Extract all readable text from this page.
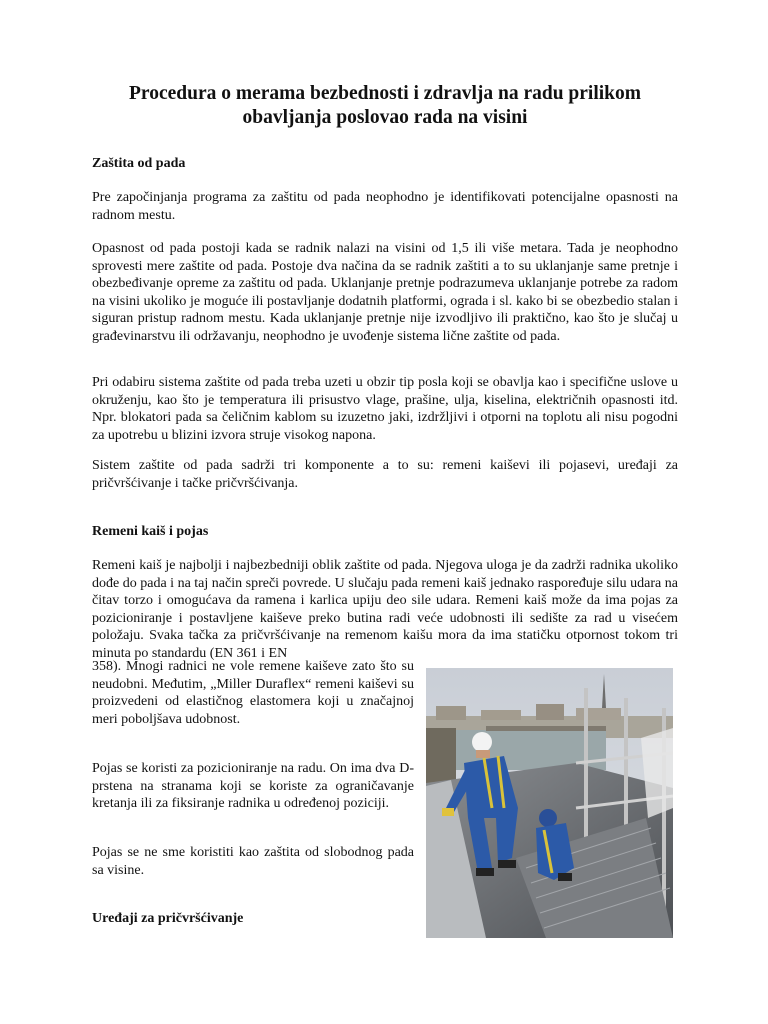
Procedura o merama bezbednosti i zdravlja na radu prilikom obavljanja poslovao rada na visini
Zaštita od pada
Pre započinjanja programa za zaštitu od pada neophodno je identifikovati potencijalne opasnosti na radnom mestu.
Opasnost od pada postoji kada se radnik nalazi na visini od 1,5 ili više metara. Tada je neophodno sprovesti mere zaštite od pada. Postoje dva načina da se radnik zaštiti a to su uklanjanje same pretnje i obezbeđivanje opreme za zaštitu od pada. Uklanjanje pretnje podrazumeva uklanjanje potrebe za radom na visini ukoliko je moguće ili postavljanje dodatnih platformi, ograda i sl. kako bi se obezbedio stalan i siguran pristup radnom mestu. Kada uklanjanje pretnje nije izvodljivo ili praktično, kao što je slučaj u građevinarstvu ili održavanju, neophodno je uvođenje sistema lične zaštite od pada.
Pri odabiru sistema zaštite od pada treba uzeti u obzir tip posla koji se obavlja kao i specifične uslove u okruženju, kao što je temperatura ili prisustvo vlage, prašine, ulja, kiselina, električnih opasnosti itd. Npr. blokatori pada sa čeličnim kablom su izuzetno jaki, izdržljivi i otporni na toplotu ali nisu pogodni za upotrebu u blizini izvora struje visokog napona.
Sistem zaštite od pada sadrži tri komponente a to su: remeni kaiševi ili pojasevi, uređaji za pričvršćivanje i tačke pričvršćivanja.
Remeni kaiš i pojas
Remeni kaiš je najbolji i najbezbedniji oblik zaštite od pada. Njegova uloga je da zadrži radnika ukoliko dođe do pada i na taj način spreči povrede. U slučaju pada remeni kaiš jednako raspoređuje silu udara na čitav torzo i omogućava da ramena i karlica upiju deo sile udara. Remeni kaiš može da ima pojas za pozicioniranje i postavljene kaiševe preko butina radi veće udobnosti ili sedište za rad u visećem položaju. Svaka tačka za pričvršćivanje na remenom kaišu mora da ima statičku otpornost tokom tri minuta po standardu (EN 361 i EN
358). Mnogi radnici ne vole remene kaiševe zato što su neudobni. Međutim, „Miller Duraflex“ remeni kaiševi su proizvedeni od elastičnog elastomera koji u značajnoj meri poboljšava udobnost.
Pojas se koristi za pozicioniranje na radu. On ima dva D-prstena na stranama koji se koriste za ograničavanje kretanja ili za fiksiranje radnika u određenoj poziciji.
Pojas se ne sme koristiti kao zaštita od slobodnog pada sa visine.
Uređaji za pričvršćivanje
